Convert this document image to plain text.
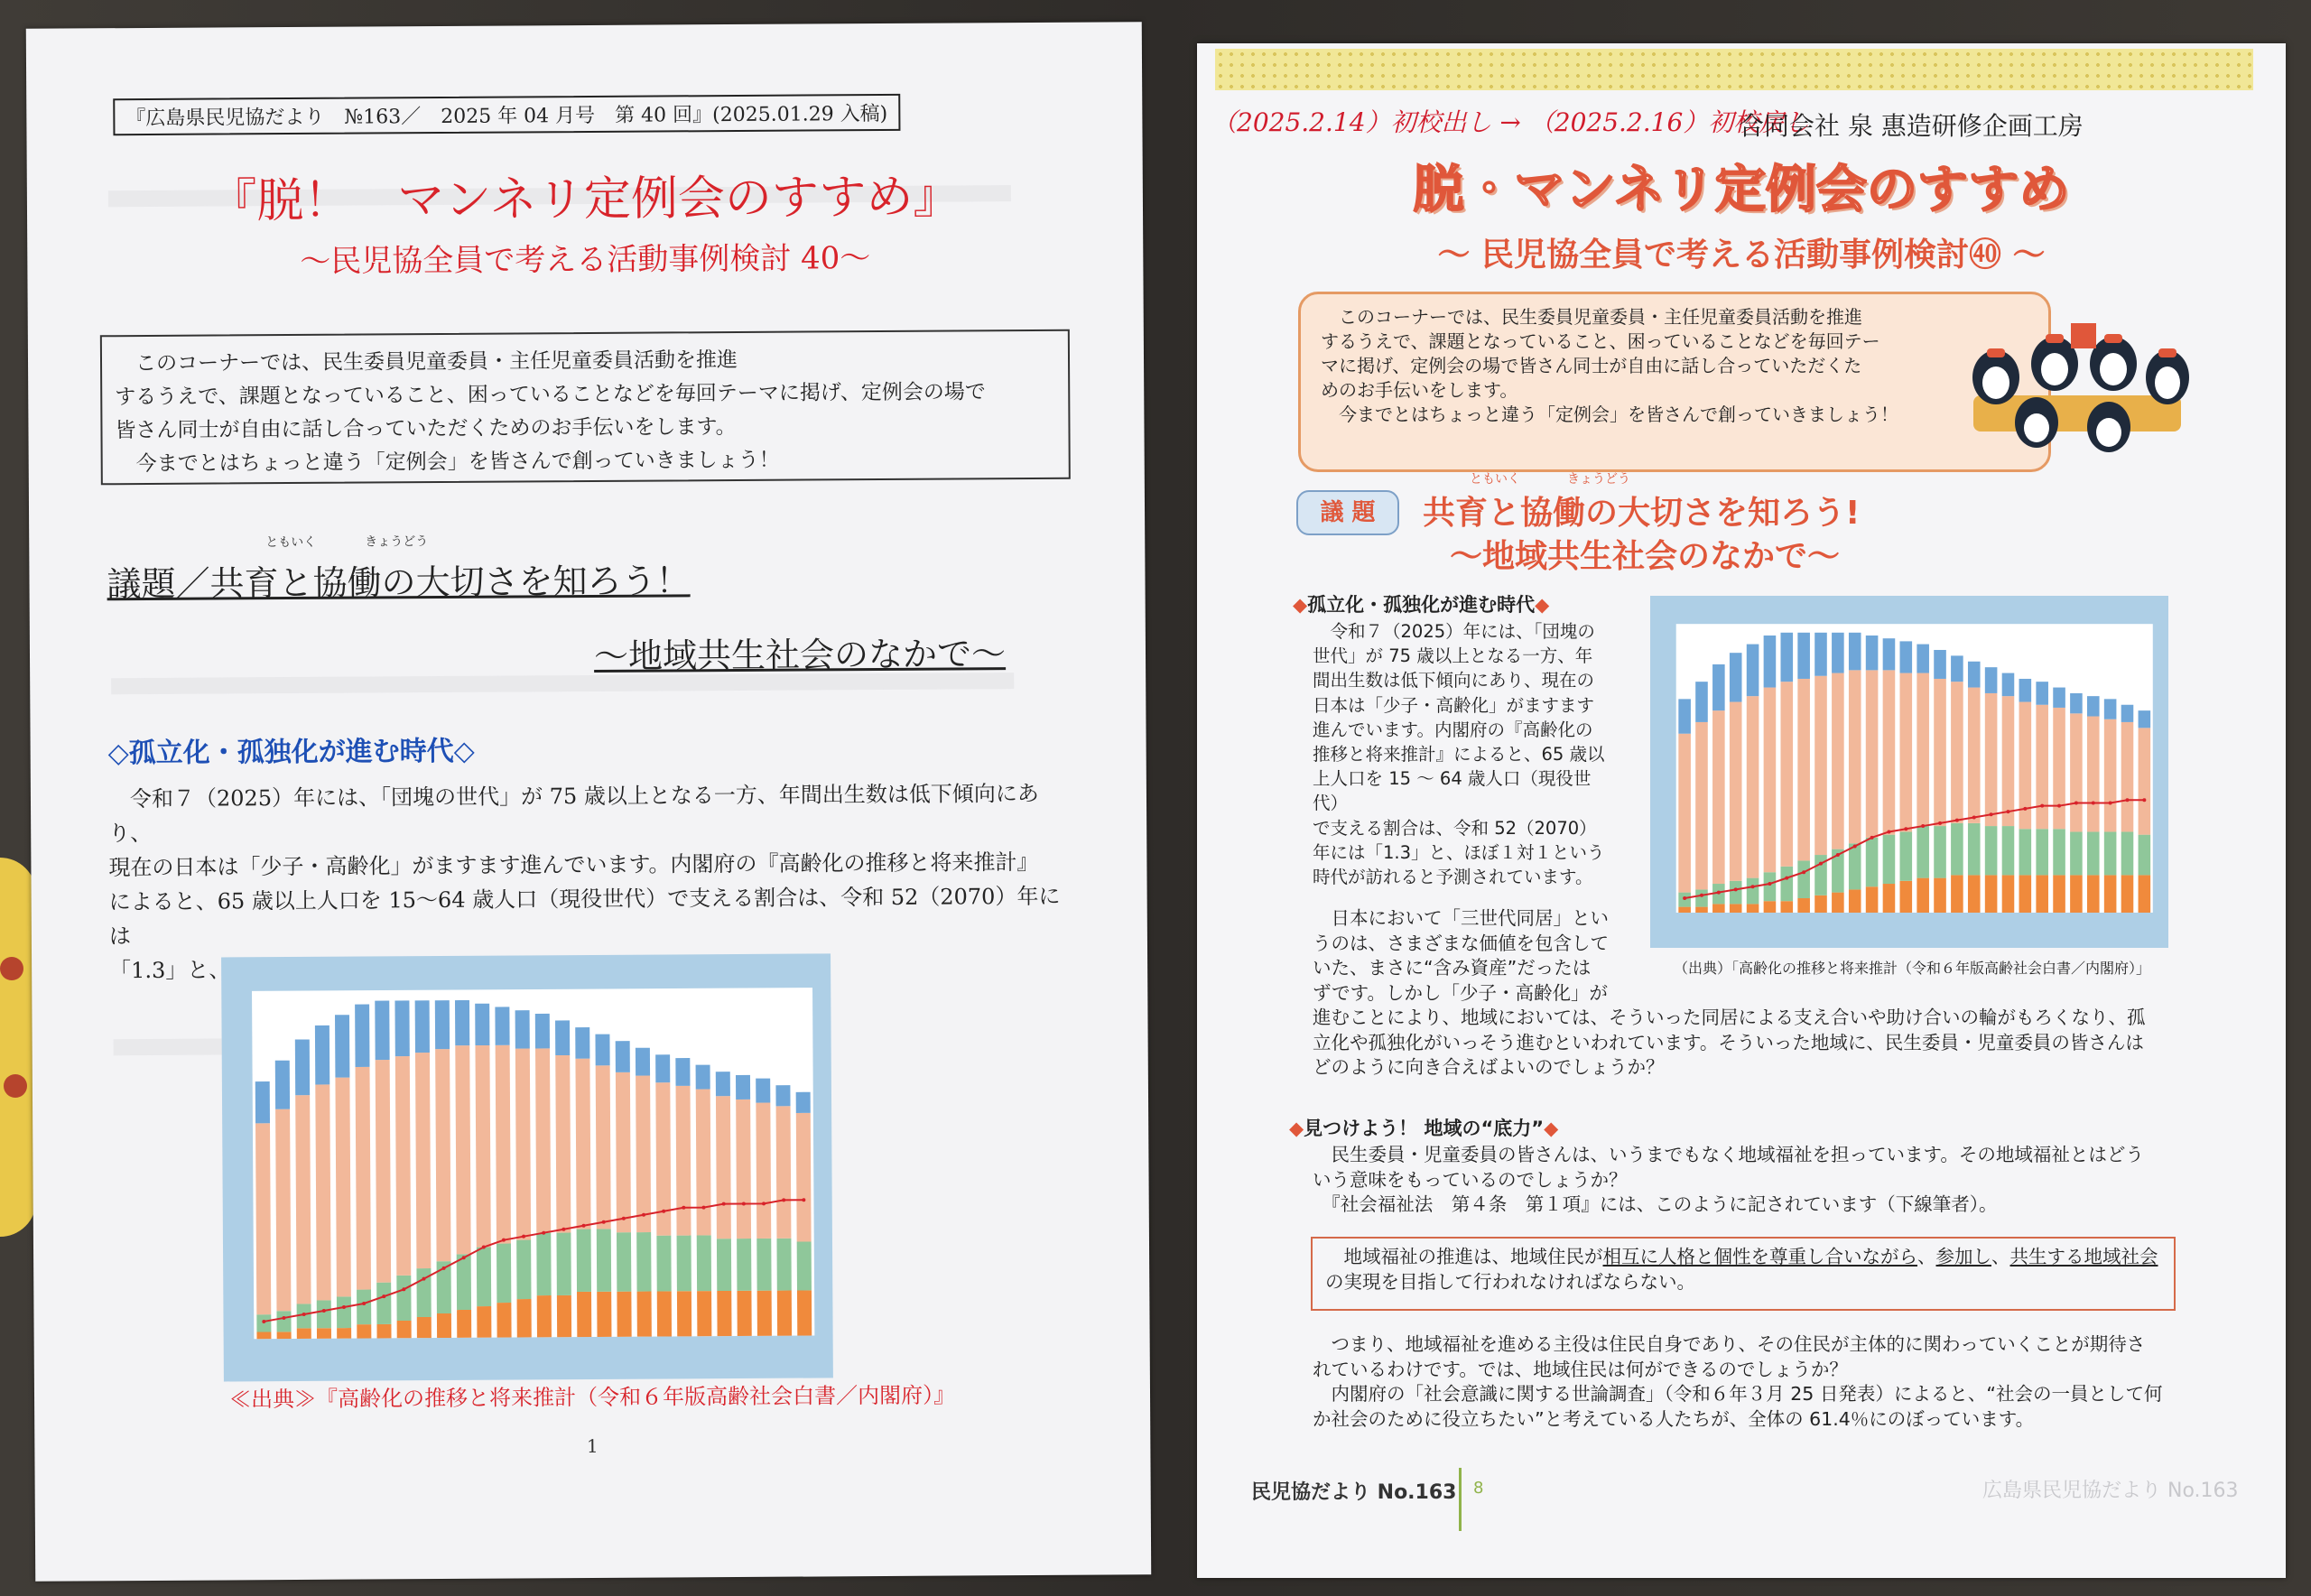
『広島県民児協だより　№163／　2025 年 04 月号　第 40 回』(2025.01.29 入稿)
『脱！　マンネリ定例会のすすめ』
～民児協全員で考える活動事例検討 40～

　このコーナーでは、民生委員児童委員・主任児童委員活動を推進

するうえで、課題となっていること、困っていることなどを毎回テーマに掲げ、定例会の場で

皆さん同士が自由に話し合っていただくためのお手伝いをします。

　今までとはちょっと違う「定例会」を皆さんで創っていきましょう！

ともいく	きょうどう
議題／共育と協働の大切さを知ろう！
～地域共生社会のなかで～
◇孤立化・孤独化が進む時代◇
　令和７（2025）年には、「団塊の世代」が 75 歳以上となる一方、年間出生数は低下傾向にあり、
現在の日本は「少子・高齢化」がますます進んでいます。内閣府の『高齢化の推移と将来推計』
によると、65 歳以上人口を 15～64 歳人口（現役世代）で支える割合は、令和 52（2070）年には
「1.3」と、ほぼ１対１という時代が訪れると予測されています。
≪出典≫『高齢化の推移と将来推計（令和６年版高齢社会白書／内閣府）』
1
（2025.2.14）初校出し → （2025.2.16）初校戻し
合同会社 泉 惠造研修企画工房
脱・マンネリ定例会のすすめ
～ 民児協全員で考える活動事例検討㊵ ～

　このコーナーでは、民生委員児童委員・主任児童委員活動を推進

するうえで、課題となっていること、困っていることなどを毎回テー

マに掲げ、定例会の場で皆さん同士が自由に話し合っていただくた

めのお手伝いをします。

　今までとはちょっと違う「定例会」を皆さんで創っていきましょう！

議 題
ともいく	きょうどう
共育と協働の大切さを知ろう!
～地域共生社会のなかで～
◆孤立化・孤独化が進む時代◆
　令和７（2025）年には、「団塊の
世代」が 75 歳以上となる一方、年
間出生数は低下傾向にあり、現在の
日本は「少子・高齢化」がますます
進んでいます。内閣府の『高齢化の
推移と将来推計』によると、65 歳以
上人口を 15 ～ 64 歳人口（現役世代）
で支える割合は、令和 52（2070）
年には「1.3」と、ほぼ１対１という
時代が訪れると予測されています。
（出典）「高齢化の推移と将来推計（令和６年版高齢社会白書／内閣府）」
　日本において「三世代同居」とい
うのは、さまざまな価値を包含して
いた、まさに“含み資産”だったは
ずです。しかし「少子・高齢化」が
進むことにより、地域においては、そういった同居による支え合いや助け合いの輪がもろくなり、孤
立化や孤独化がいっそう進むといわれています。そういった地域に、民生委員・児童委員の皆さんは
どのように向き合えばよいのでしょうか？
◆見つけよう！ 地域の“底力”◆
　民生委員・児童委員の皆さんは、いうまでもなく地域福祉を担っています。その地域福祉とはどう
いう意味をもっているのでしょうか？
　『社会福祉法　第４条　第１項』には、このように記されています（下線筆者）。
　地域福祉の推進は、地域住民が相互に人格と個性を尊重し合いながら、参加し、共生する地域社会
の実現を目指して行われなければならない。
　つまり、地域福祉を進める主役は住民自身であり、その住民が主体的に関わっていくことが期待さ
れているわけです。では、地域住民は何ができるのでしょうか？
　内閣府の「社会意識に関する世論調査」（令和６年３月 25 日発表）によると、“社会の一員として何
か社会のために役立ちたい”と考えている人たちが、全体の 61.4％にのぼっています。
民児協だより No.163 8	広島県民児協だより No.163
